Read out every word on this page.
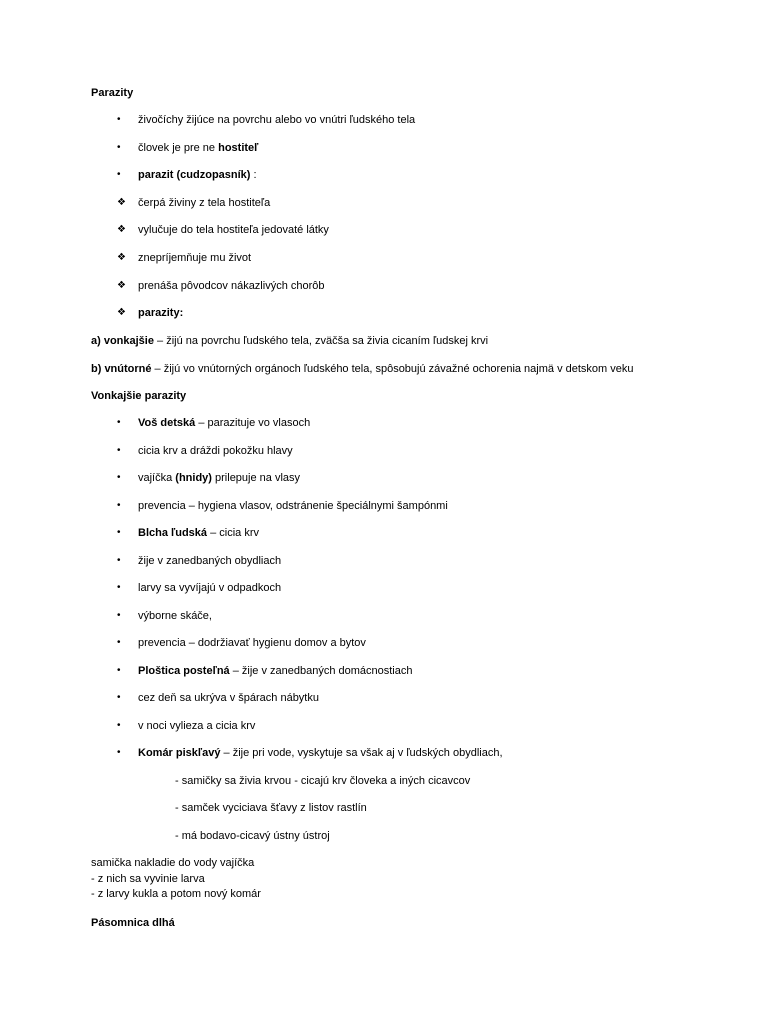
Parazity
•	živočíchy žijúce na povrchu alebo vo vnútri ľudského tela
•	človek je pre ne hostiteľ
•	parazit (cudzopasník) :
❖ čerpá živiny z tela hostiteľa
❖ vylučuje do tela hostiteľa jedovaté látky
❖ znepríjemňuje mu život
❖ prenáša pôvodcov nákazlivých chorôb
❖ parazity:
a) vonkajšie – žijú na povrchu ľudského tela, zväčša sa živia cicaním ľudskej krvi
b) vnútorné – žijú vo vnútorných orgánoch ľudského tela, spôsobujú závažné ochorenia najmä v detskom veku
Vonkajšie parazity
•	Voš detská – parazituje vo vlasoch
•	cicia krv a dráždi pokožku hlavy
•	vajíčka (hnidy) prilepuje na vlasy
•	prevencia – hygiena vlasov, odstránenie špeciálnymi šampónmi
•	Blcha ľudská – cicia krv
•	žije v zanedbaných obydliach
•	larvy sa vyvíjajú v odpadkoch
•	výborne skáče,
•	prevencia – dodržiavať hygienu domov a bytov
•	Ploštica posteľná – žije v zanedbaných domácnostiach
•	cez deň sa ukrýva v špárach nábytku
•	v noci vylieza a cicia krv
•	Komár piskľavý – žije pri vode, vyskytuje sa však aj v ľudských obydliach,
- samičky sa živia krvou - cicajú krv človeka a iných cicavcov
- samček vyciciava šťavy z listov rastlín
- má bodavo-cicavý ústny ústroj
samička nakladie do vody vajíčka
- z nich sa vyvinie larva
- z larvy kukla a potom nový komár
Pásomnica dlhá
